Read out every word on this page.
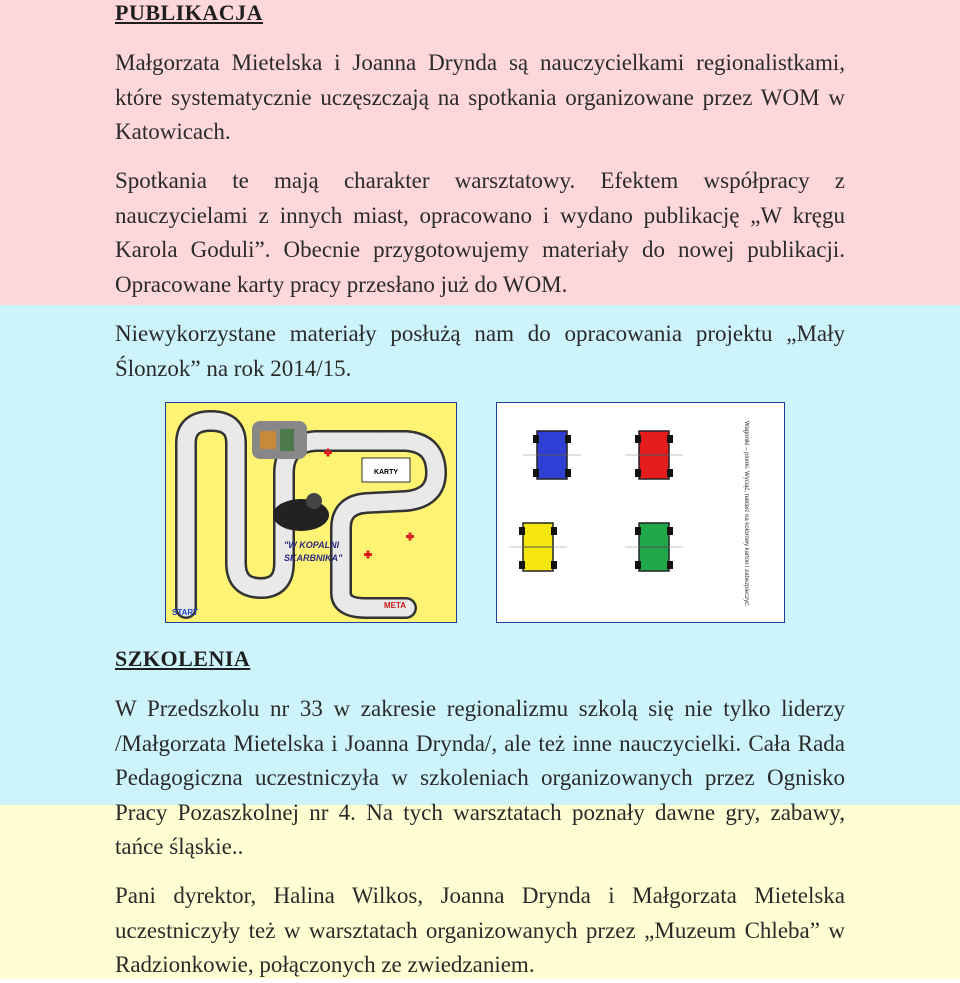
PUBLIKACJA

Małgorzata Mietelska i Joanna Drynda są nauczycielkami regionalistkami, które systematycznie uczęszczają na spotkania organizowane przez WOM w Katowicach.

Spotkania te mają charakter warsztatowy. Efektem współpracy z nauczycielami z innych miast, opracowano i wydano publikację „W kręgu Karola Goduli”. Obecnie przygotowujemy materiały do nowej publikacji. Opracowane karty pracy przesłano już do WOM.

Niewykorzystane materiały posłużą nam do opracowania projektu „Mały Ślonzok” na rok 2014/15.

KARTY
"W KOPALNI
SKARBNIKA"
START
META	Wagoniki – pionki. Wyciąć, nakleić na kolorowy karton i zabezpieczyć.
SZKOLENIA

W Przedszkolu nr 33 w zakresie regionalizmu szkolą się nie tylko liderzy /Małgorzata Mietelska i Joanna Drynda/, ale też inne nauczycielki. Cała Rada Pedagogiczna uczestniczyła w szkoleniach organizowanych przez Ognisko Pracy Pozaszkolnej nr 4. Na tych warsztatach poznały dawne gry, zabawy, tańce śląskie..

Pani dyrektor, Halina Wilkos, Joanna Drynda i Małgorzata Mietelska uczestniczyły też w warsztatach organizowanych przez „Muzeum Chleba” w Radzionkowie, połączonych ze zwiedzaniem.
